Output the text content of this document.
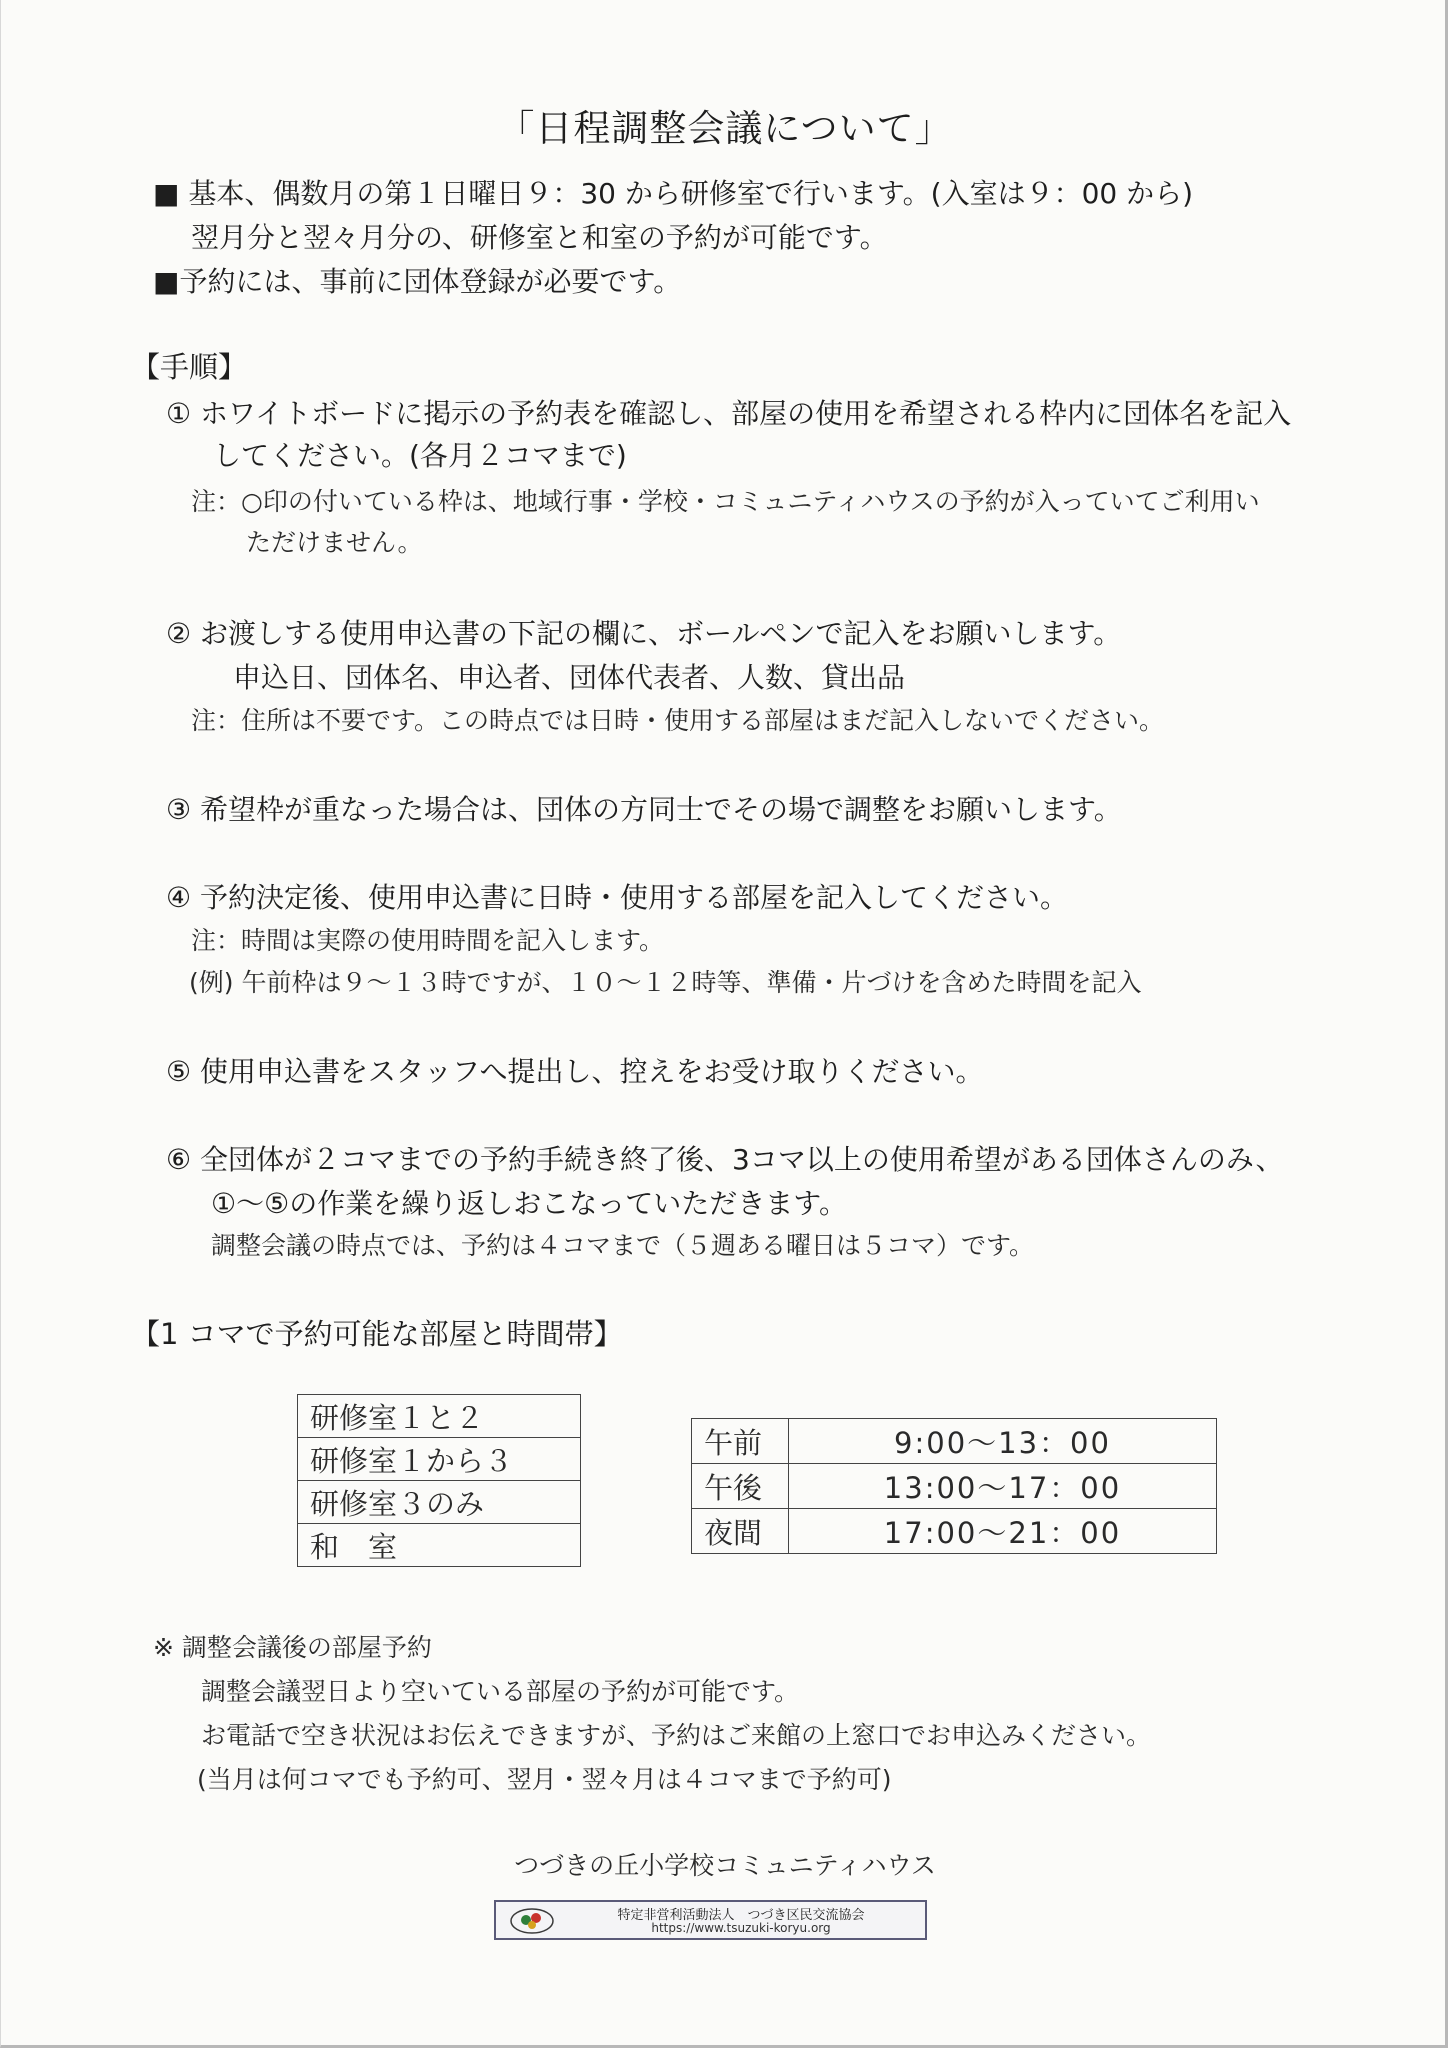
「日程調整会議について」
■ 基本、偶数月の第１日曜日９：30 から研修室で行います。(入室は９：00 から)
翌月分と翌々月分の、研修室と和室の予約が可能です。
■予約には、事前に団体登録が必要です。
【手順】
① ホワイトボードに掲示の予約表を確認し、部屋の使用を希望される枠内に団体名を記入
してください。(各月２コマまで)
注：○印の付いている枠は、地域行事・学校・コミュニティハウスの予約が入っていてご利用い
ただけません。
② お渡しする使用申込書の下記の欄に、ボールペンで記入をお願いします。
申込日、団体名、申込者、団体代表者、人数、貸出品
注：住所は不要です。この時点では日時・使用する部屋はまだ記入しないでください。
③ 希望枠が重なった場合は、団体の方同士でその場で調整をお願いします。
④ 予約決定後、使用申込書に日時・使用する部屋を記入してください。
注：時間は実際の使用時間を記入します。
(例) 午前枠は９～１３時ですが、１０～１２時等、準備・片づけを含めた時間を記入
⑤ 使用申込書をスタッフへ提出し、控えをお受け取りください。
⑥ 全団体が２コマまでの予約手続き終了後、3コマ以上の使用希望がある団体さんのみ、
①～⑤の作業を繰り返しおこなっていただきます。
調整会議の時点では、予約は４コマまで（５週ある曜日は５コマ）です。
【1 コマで予約可能な部屋と時間帯】
研修室１と２
研修室１から３
研修室３のみ
和　室
午前	9:00～13：00
午後	13:00～17：00
夜間	17:00～21：00
※ 調整会議後の部屋予約
調整会議翌日より空いている部屋の予約が可能です。
お電話で空き状況はお伝えできますが、予約はご来館の上窓口でお申込みください。
(当月は何コマでも予約可、翌月・翌々月は４コマまで予約可)
つづきの丘小学校コミュニティハウス
特定非営利活動法人　つづき区民交流協会
https://www.tsuzuki-koryu.org
